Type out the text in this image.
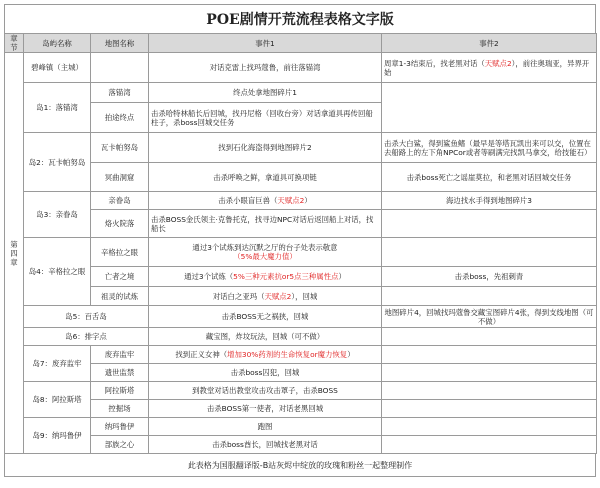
POE剧情开荒流程表格文字版
章节	岛屿名称	地图名称	事件1	事件2

第
四
章	碧峰镇（主城）		对话克雷上找玛蔻鲁，前往落锚湾	周章1-3结束后，找老黑对话（天赋点2），前往奥瑞亚，异界开始
	岛1：落锚湾	落锚湾	终点处拿地图碎片1	
		拍途终点	击杀哈特林船长后回城，找丹尼格（回收台旁）对话拿道具再传回船柱子，杀boss回城交任务	
	岛2：瓦卡帕努岛	瓦卡帕努岛	找到石化海盗得到地图碎片2	击杀大白鲨，得到鲨鱼鳍（最早是等塔瓦凯出来可以交，位置在去船路上的左下角NPCor或者等刷满完找凯马拿交，给技能石）
		冥曲洞窟	击杀呼唤之鲜，拿道具可换项链	击杀boss死亡之谣崖莫拉，和老黑对话回城交任务
	岛3：亲眷岛	亲眷岛	击杀小眼盲巨兽（天赋点2）	海边找水手得到地图碎片3
		烙火院落	击杀BOSS金氏领主·克鲁托克，找寻边NPC对话后返回船上对话，找船长	
	岛4：辛格拉之眼	辛格拉之眼	通过3个试炼到达沉默之厅的台子处表示敬意
（5%最大魔力值）	
		亡者之境	通过3个试炼（5%三种元素抗or5点三种属性点）	击杀boss，先祖刺青
		祖灵的试炼	对话白之亚玛（天赋点2），回城	
	岛5：百舌岛		击杀BOSS无之祸狭，回城	地图碎片4，回城找玛蔻鲁交藏宝图碎片4张，得到支线地图（可不做）
	岛6：排字点		藏宝图，炸坟玩法，回城（可不做）	
	岛7：废弃监牢	废弃监牢	找到正义女神（增加30%药剂的生命恢复or魔力恢复）	
		遗世监禁	击杀boss囚犯，回城	
	岛8：阿拉斯塔	阿拉斯塔	到教堂对话出教堂攻击攻击罩子，击杀BOSS	
		控掘场	击杀BOSS第一使者，对话老黑回城	
	岛9：纳玛鲁伊	纳玛鲁伊	跑图	
		部族之心	击杀boss酋长，回城找老黑对话	
此表格为国服翻译版-B站灰烬中绽放的玫瑰和粉丝一起整理制作
